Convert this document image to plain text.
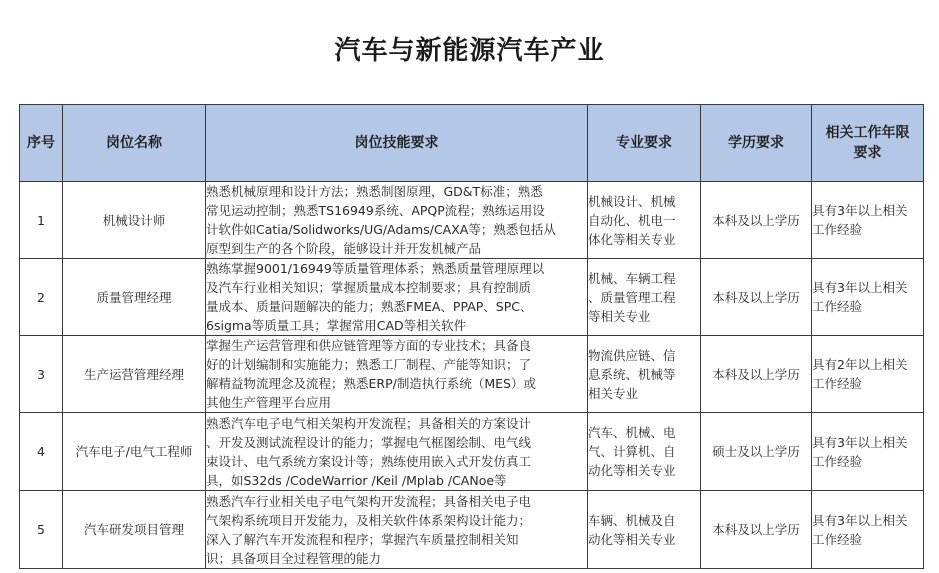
汽车与新能源汽车产业
序号	岗位名称	岗位技能要求	专业要求	学历要求	相关工作年限
要求

1	机械设计师	熟悉机械原理和设计方法；熟悉制图原理，GD&T标准；熟悉
常见运动控制；熟悉TS16949系统、APQP流程；熟练运用设
计软件如Catia/Solidworks/UG/Adams/CAXA等；熟悉包括从
原型到生产的各个阶段，能够设计并开发机械产品	机械设计、机械
自动化、机电一
体化等相关专业	本科及以上学历	具有3年以上相关
工作经验

2	质量管理经理	熟练掌握9001/16949等质量管理体系；熟悉质量管理原理以
及汽车行业相关知识；掌握质量成本控制要求；具有控制质
量成本、质量问题解决的能力；熟悉FMEA、PPAP、SPC、
6sigma等质量工具；掌握常用CAD等相关软件	机械、车辆工程
、质量管理工程
等相关专业	本科及以上学历	具有3年以上相关
工作经验

3	生产运营管理经理	掌握生产运营管理和供应链管理等方面的专业技术；具备良
好的计划编制和实施能力；熟悉工厂制程、产能等知识；了
解精益物流理念及流程；熟悉ERP/制造执行系统（MES）或
其他生产管理平台应用	物流供应链、信
息系统、机械等
相关专业	本科及以上学历	具有2年以上相关
工作经验

4	汽车电子/电气工程师	熟悉汽车电子电气相关架构开发流程；具备相关的方案设计
、开发及测试流程设计的能力；掌握电气框图绘制、电气线
束设计、电气系统方案设计等；熟练使用嵌入式开发仿真工
具，如S32ds /CodeWarrior /Keil /Mplab /CANoe等	汽车、机械、电
气、计算机、自
动化等相关专业	硕士及以上学历	具有3年以上相关
工作经验

5	汽车研发项目管理	熟悉汽车行业相关电子电气架构开发流程；具备相关电子电
气架构系统项目开发能力，及相关软件体系架构设计能力；
深入了解汽车开发流程和程序；掌握汽车质量控制相关知
识；具备项目全过程管理的能力	车辆、机械及自
动化等相关专业	本科及以上学历	具有3年以上相关
工作经验
